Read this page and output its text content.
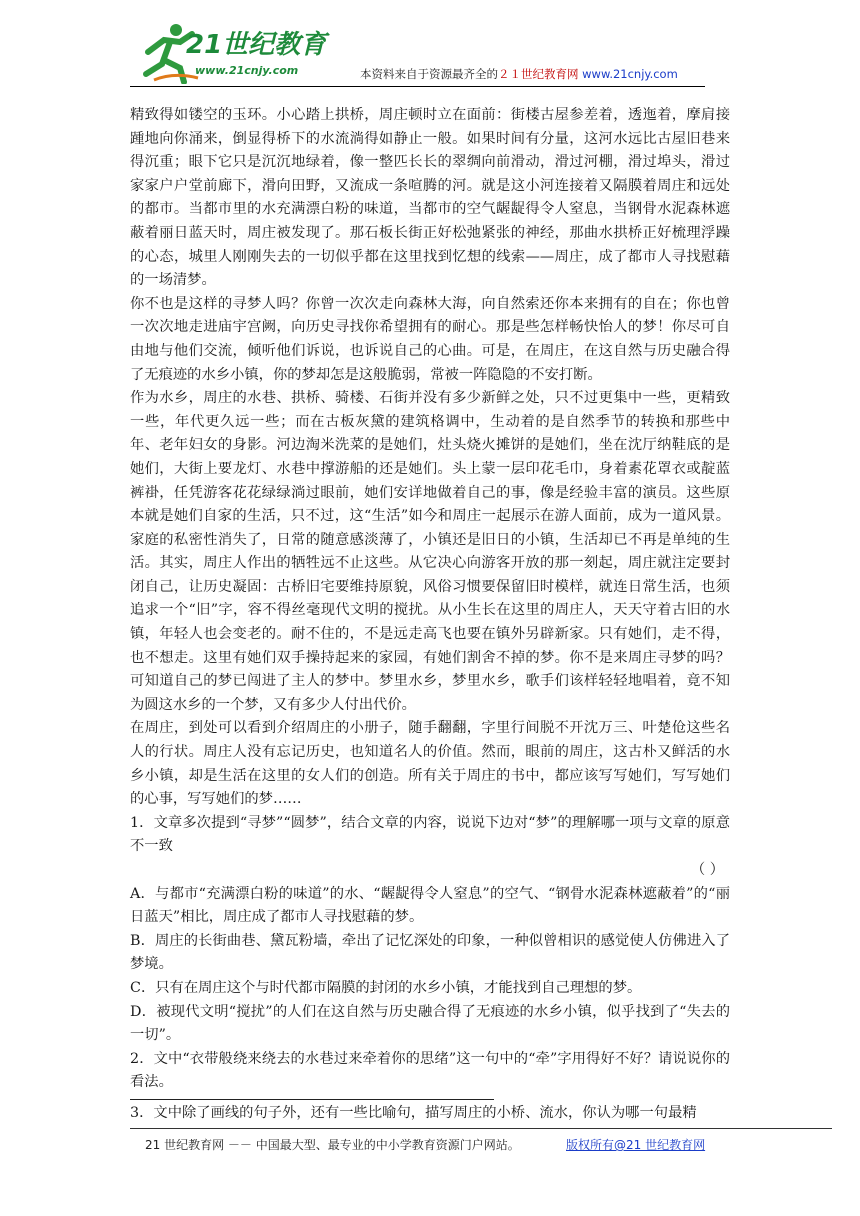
21世纪教育
www.21cnjy.com	本资料来自于资源最齐全的２１世纪教育网 www.21cnjy.com

精致得如镂空的玉环。小心踏上拱桥，周庄顿时立在面前：街楼古屋参差着，透迤着，摩肩接踵地向你涌来，倒显得桥下的水流淌得如静止一般。如果时间有分量，这河水远比古屋旧巷来得沉重；眼下它只是沉沉地绿着，像一整匹长长的翠绸向前滑动，滑过河棚，滑过埠头，滑过家家户户堂前廊下，滑向田野，又流成一条喧腾的河。就是这小河连接着又隔膜着周庄和远处的都市。当都市里的水充满漂白粉的味道，当都市的空气龌龊得令人窒息，当钢骨水泥森林遮蔽着丽日蓝天时，周庄被发现了。那石板长街正好松弛紧张的神经，那曲水拱桥正好梳理浮躁的心态，城里人刚刚失去的一切似乎都在这里找到忆想的线索——周庄，成了都市人寻找慰藉的一场清梦。

你不也是这样的寻梦人吗？你曾一次次走向森林大海，向自然索还你本来拥有的自在；你也曾一次次地走进庙宇宫阙，向历史寻找你希望拥有的耐心。那是些怎样畅快怡人的梦！你尽可自由地与他们交流，倾听他们诉说，也诉说自己的心曲。可是，在周庄，在这自然与历史融合得了无痕迹的水乡小镇，你的梦却怎是这般脆弱，常被一阵隐隐的不安打断。

作为水乡，周庄的水巷、拱桥、骑楼、石街并没有多少新鲜之处，只不过更集中一些，更精致一些，年代更久远一些；而在古板灰黛的建筑格调中，生动着的是自然季节的转换和那些中年、老年妇女的身影。河边淘米洗菜的是她们，灶头烧火摊饼的是她们，坐在沈厅纳鞋底的是她们，大街上要龙灯、水巷中撑游船的还是她们。头上蒙一层印花毛巾，身着素花罩衣或靛蓝裤褂，任凭游客花花绿绿淌过眼前，她们安详地做着自己的事，像是经验丰富的演员。这些原本就是她们自家的生活，只不过，这“生活”如今和周庄一起展示在游人面前，成为一道风景。家庭的私密性消失了，日常的随意感淡薄了，小镇还是旧日的小镇，生活却已不再是单纯的生活。其实，周庄人作出的牺牲远不止这些。从它决心向游客开放的那一刻起，周庄就注定要封闭自己，让历史凝固：古桥旧宅要维持原貌，风俗习惯要保留旧时模样，就连日常生活，也须追求一个“旧”字，容不得丝毫现代文明的搅扰。从小生长在这里的周庄人，天天守着古旧的水镇，年轻人也会变老的。耐不住的，不是远走高飞也要在镇外另辟新家。只有她们，走不得，也不想走。这里有她们双手操持起来的家园，有她们割舍不掉的梦。你不是来周庄寻梦的吗？可知道自己的梦已闯进了主人的梦中。梦里水乡，梦里水乡，歌手们该样轻轻地唱着，竟不知为圆这水乡的一个梦，又有多少人付出代价。

在周庄，到处可以看到介绍周庄的小册子，随手翻翻，字里行间脱不开沈万三、叶楚伧这些名人的行状。周庄人没有忘记历史，也知道名人的价值。然而，眼前的周庄，这古朴又鲜活的水乡小镇，却是生活在这里的女人们的创造。所有关于周庄的书中，都应该写写她们，写写她们的心事，写写她们的梦……

1．文章多次提到“寻梦”“圆梦”，结合文章的内容，说说下边对“梦”的理解哪一项与文章的原意不一致

（ ）

A．与都市“充满漂白粉的味道”的水、“龌龊得令人窒息”的空气、“钢骨水泥森林遮蔽着”的“丽日蓝天”相比，周庄成了都市人寻找慰藉的梦。

B．周庄的长街曲巷、黛瓦粉墙，牵出了记忆深处的印象，一种似曾相识的感觉使人仿佛进入了梦境。

C．只有在周庄这个与时代都市隔膜的封闭的水乡小镇，才能找到自己理想的梦。

D．被现代文明“搅扰”的人们在这自然与历史融合得了无痕迹的水乡小镇，似乎找到了“失去的一切”。

2．文中“衣带般绕来绕去的水巷过来牵着你的思绪”这一句中的“牵”字用得好不好？请说说你的看法。

3．文中除了画线的句子外，还有一些比喻句，描写周庄的小桥、流水，你认为哪一句最精

21 世纪教育网 －－ 中国最大型、最专业的中小学教育资源门户网站。	版权所有@21 世纪教育网
